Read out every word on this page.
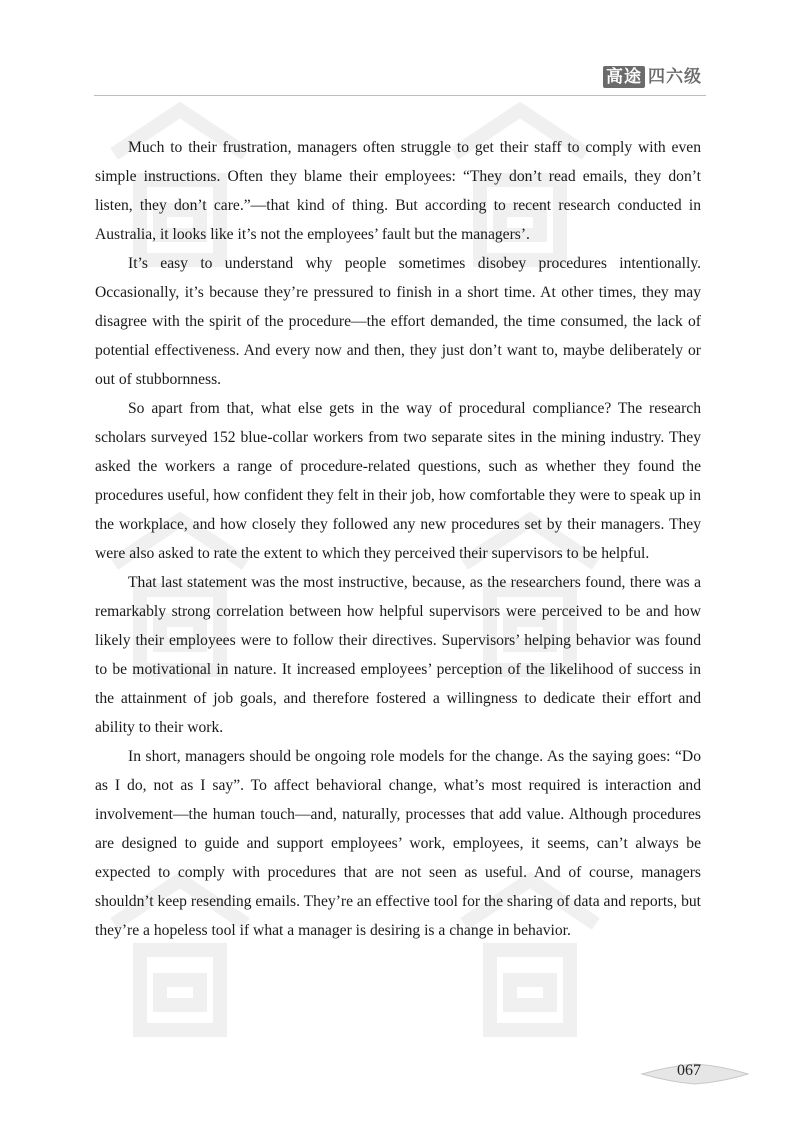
高途 四六级

Much to their frustration, managers often struggle to get their staff to comply with even simple instructions. Often they blame their employees: “They don’t read emails, they don’t listen, they don’t care.”—that kind of thing. But according to recent research conducted in Australia, it looks like it’s not the employees’ fault but the managers’.

It’s easy to understand why people sometimes disobey procedures intentionally. Occasionally, it’s because they’re pressured to finish in a short time. At other times, they may disagree with the spirit of the procedure—the effort demanded, the time consumed, the lack of potential effectiveness. And every now and then, they just don’t want to, maybe deliberately or out of stubbornness.

So apart from that, what else gets in the way of procedural compliance? The research scholars surveyed 152 blue-collar workers from two separate sites in the mining industry. They asked the workers a range of procedure-related questions, such as whether they found the procedures useful, how confident they felt in their job, how comfortable they were to speak up in the workplace, and how closely they followed any new procedures set by their managers. They were also asked to rate the extent to which they perceived their supervisors to be helpful.

That last statement was the most instructive, because, as the researchers found, there was a remarkably strong correlation between how helpful supervisors were perceived to be and how likely their employees were to follow their directives. Supervisors’ helping behavior was found to be motivational in nature. It increased employees’ perception of the likelihood of success in the attainment of job goals, and therefore fostered a willingness to dedicate their effort and ability to their work.

In short, managers should be ongoing role models for the change. As the saying goes: “Do as I do, not as I say”. To affect behavioral change, what’s most required is interaction and involvement—the human touch—and, naturally, processes that add value. Although procedures are designed to guide and support employees’ work, employees, it seems, can’t always be expected to comply with procedures that are not seen as useful. And of course, managers shouldn’t keep resending emails. They’re an effective tool for the sharing of data and reports, but they’re a hopeless tool if what a manager is desiring is a change in behavior.

067
